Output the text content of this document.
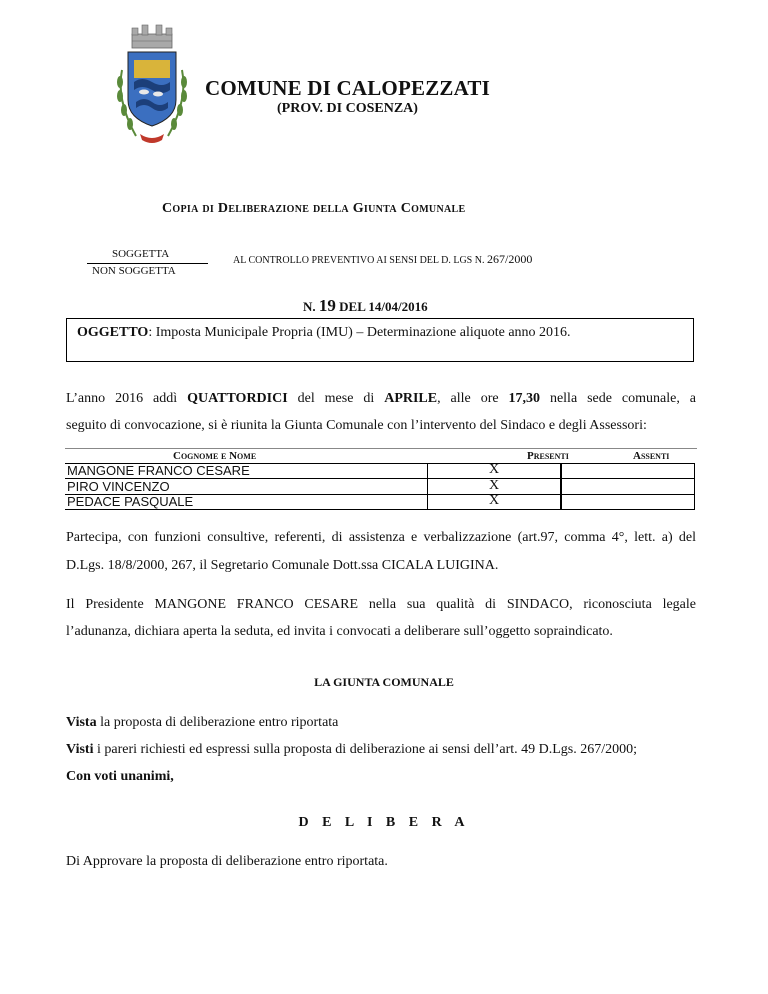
COMUNE DI CALOPEZZATI
(PROV. DI COSENZA)
Copia di Deliberazione della Giunta Comunale
SOGGETTA
NON SOGGETTA
AL CONTROLLO PREVENTIVO AI SENSI DEL D. LGS N. 267/2000
N. 19 DEL 14/04/2016
OGGETTO: Imposta Municipale Propria (IMU) – Determinazione aliquote anno 2016.
L’anno 2016 addì QUATTORDICI del mese di APRILE, alle ore 17,30 nella sede comunale, a
seguito di convocazione, si è riunita la Giunta Comunale con l’intervento del Sindaco e degli Assessori:
Cognome e Nome	Presenti	Assenti
MANGONE FRANCO CESARE
PIRO VINCENZO
PEDACE PASQUALE
X
X
X
Partecipa, con funzioni consultive, referenti, di assistenza e verbalizzazione (art.97, comma 4°, lett. a) del
D.Lgs. 18/8/2000, 267, il Segretario Comunale Dott.ssa CICALA LUIGINA.
Il Presidente MANGONE FRANCO CESARE nella sua qualità di SINDACO, riconosciuta legale
l’adunanza, dichiara aperta la seduta, ed invita i convocati a deliberare sull’oggetto sopraindicato.
LA GIUNTA COMUNALE
Vista la proposta di deliberazione entro riportata
Visti i pareri richiesti ed espressi sulla proposta di deliberazione ai sensi dell’art. 49 D.Lgs. 267/2000;
Con voti unanimi,
D E L I B E R A
Di Approvare la proposta di deliberazione entro riportata.
